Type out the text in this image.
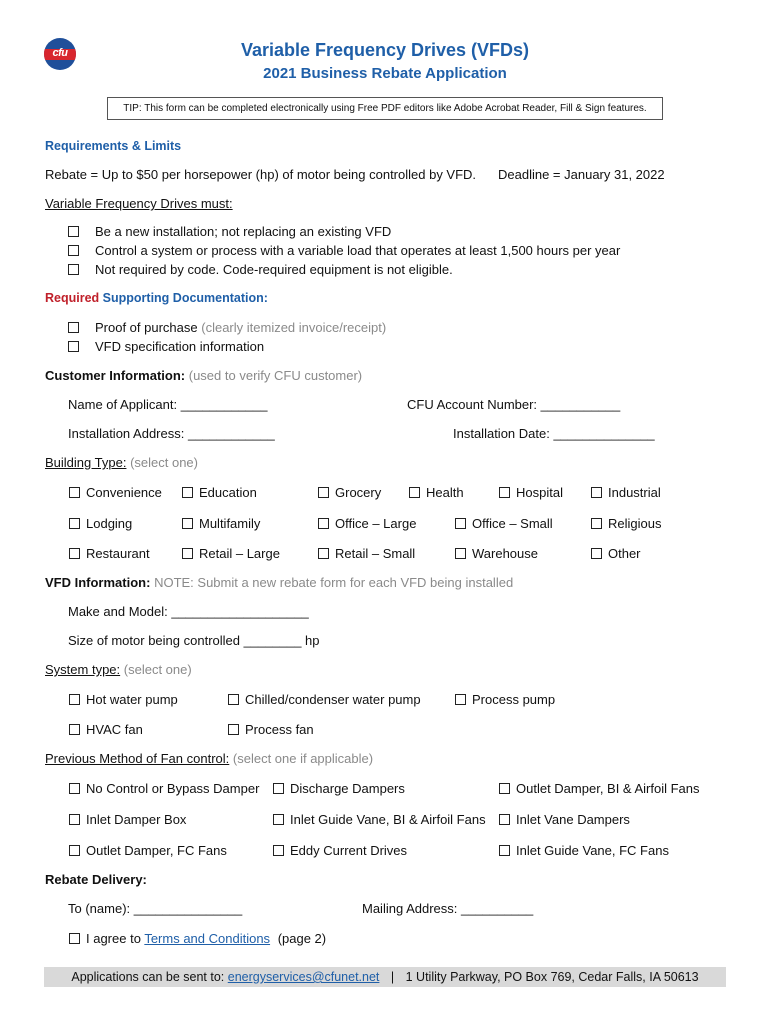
cfu	Variable Frequency Drives (VFDs)
2021 Business Rebate Application
TIP: This form can be completed electronically using Free PDF editors like Adobe Acrobat Reader, Fill & Sign features.
Requirements & Limits
Rebate = Up to $50 per horsepower (hp) of motor being controlled by VFD. Deadline = January 31, 2022
Variable Frequency Drives must:
Be a new installation; not replacing an existing VFD
Control a system or process with a variable load that operates at least 1,500 hours per year
Not required by code. Code-required equipment is not eligible.
Required Supporting Documentation:
Proof of purchase (clearly itemized invoice/receipt)
VFD specification information
Customer Information: (used to verify CFU customer)
Name of Applicant: ____________	CFU Account Number: ___________
Installation Address: ____________	Installation Date: ______________
Building Type: (select one)
Convenience	Education	Grocery	Health	Hospital	Industrial
Lodging	Multifamily	Office – Large	Office – Small	Religious
Restaurant	Retail – Large	Retail – Small	Warehouse	Other
VFD Information: NOTE: Submit a new rebate form for each VFD being installed
Make and Model: ___________________
Size of motor being controlled ________ hp
System type: (select one)
Hot water pump	Chilled/condenser water pump	Process pump
HVAC fan	Process fan
Previous Method of Fan control: (select one if applicable)
No Control or Bypass Damper	Discharge Dampers	Outlet Damper, BI & Airfoil Fans
Inlet Damper Box	Inlet Guide Vane, BI & Airfoil Fans	Inlet Vane Dampers
Outlet Damper, FC Fans	Eddy Current Drives	Inlet Guide Vane, FC Fans
Rebate Delivery:
To (name): _______________	Mailing Address: __________
I agree to Terms and Conditions (page 2)
Applications can be sent to: energyservices@cfunet.net | 1 Utility Parkway, PO Box 769, Cedar Falls, IA 50613
